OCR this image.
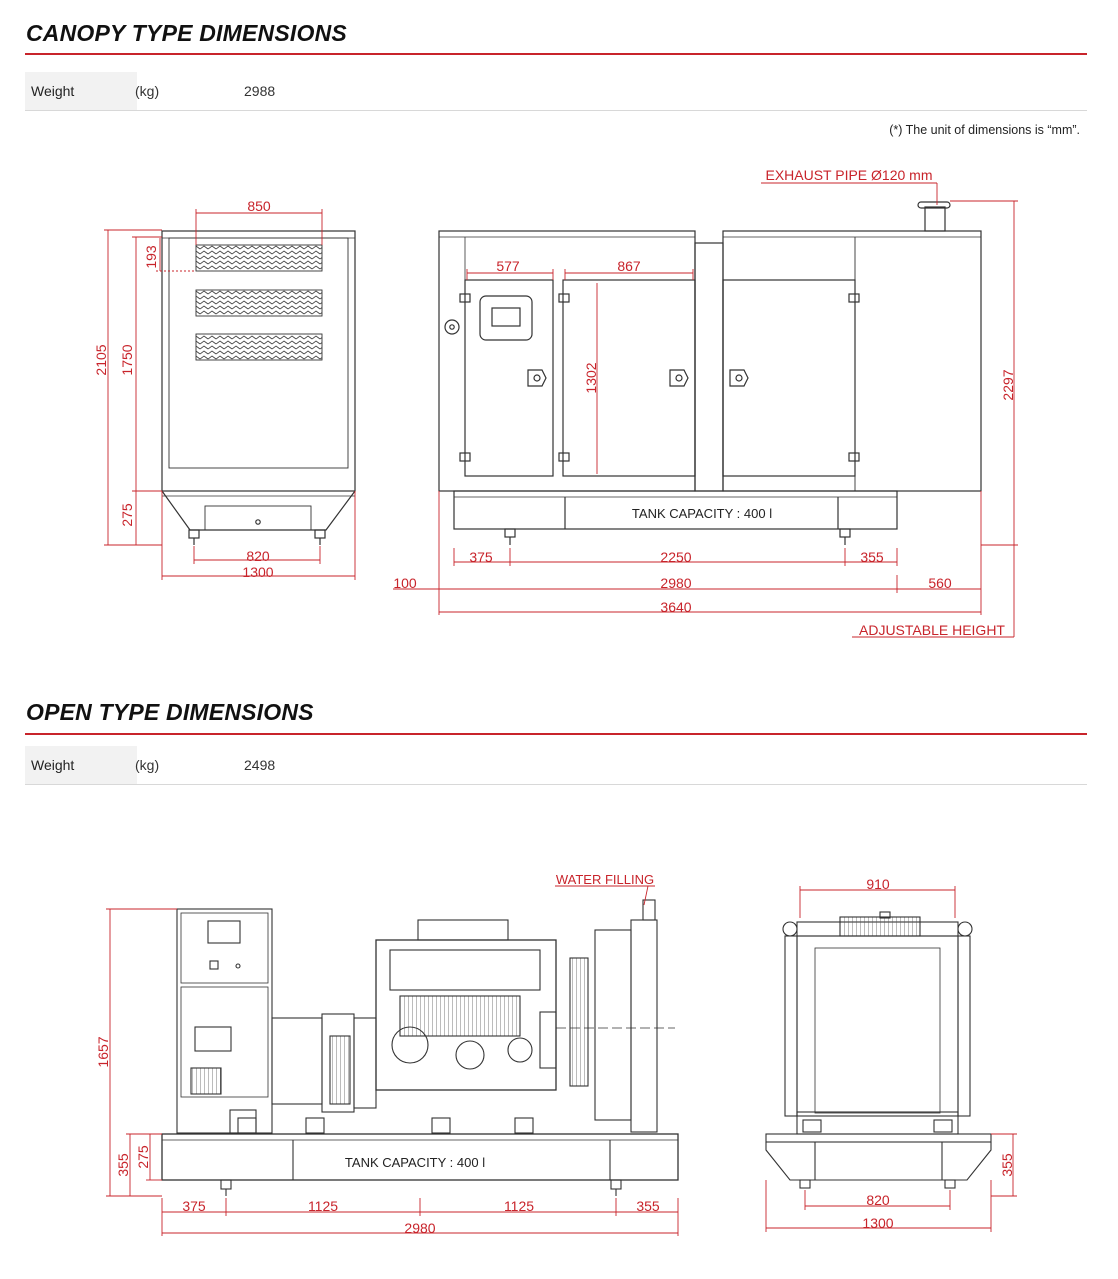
CANOPY TYPE DIMENSIONS
Weight	(kg)	2988
(*) The unit of dimensions is “mm”.
OPEN TYPE DIMENSIONS
Weight	(kg)	2498
850
193
2105 1750
275
820
1300
TANK CAPACITY : 400 l
EXHAUST PIPE Ø120 mm
577	867
1302	2297
375	2250	355
100	2980	560
3640
ADJUSTABLE HEIGHT
TANK CAPACITY : 400 l
WATER FILLING
1657
355 275
375	1125	1125	355
2980
910
355
820
1300
